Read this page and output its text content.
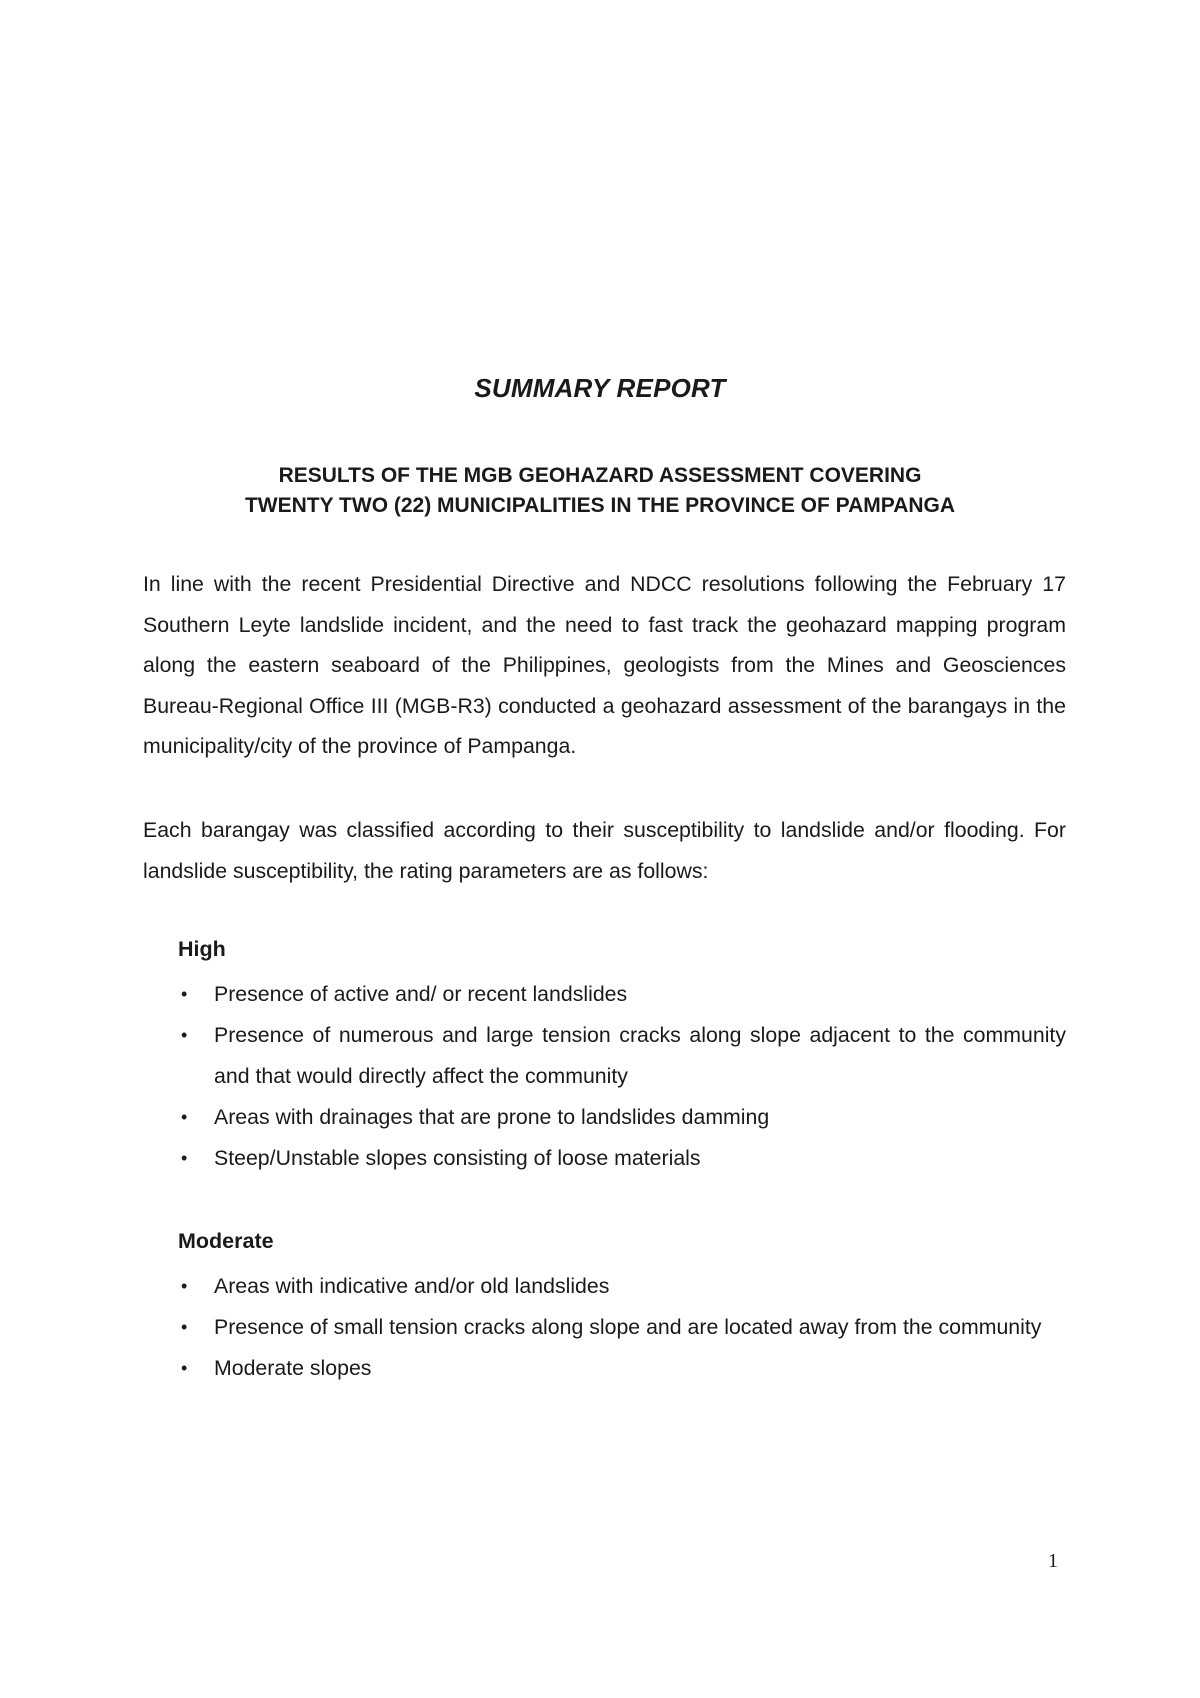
SUMMARY REPORT
RESULTS OF THE MGB GEOHAZARD ASSESSMENT COVERING
TWENTY TWO (22) MUNICIPALITIES IN THE PROVINCE OF PAMPANGA
In line with the recent Presidential Directive and NDCC resolutions following the February 17 Southern Leyte landslide incident, and the need to fast track the geohazard mapping program along the eastern seaboard of the Philippines, geologists from the Mines and Geosciences Bureau-Regional Office III (MGB-R3) conducted a geohazard assessment of the barangays in the municipality/city of the province of Pampanga.
Each barangay was classified according to their susceptibility to landslide and/or flooding. For landslide susceptibility, the rating parameters are as follows:
High
• Presence of active and/ or recent landslides
• Presence of numerous and large tension cracks along slope adjacent to the community and that would directly affect the community
• Areas with drainages that are prone to landslides damming
• Steep/Unstable slopes consisting of loose materials
Moderate
• Areas with indicative and/or old landslides
• Presence of small tension cracks along slope and are located away from the community
• Moderate slopes
1
